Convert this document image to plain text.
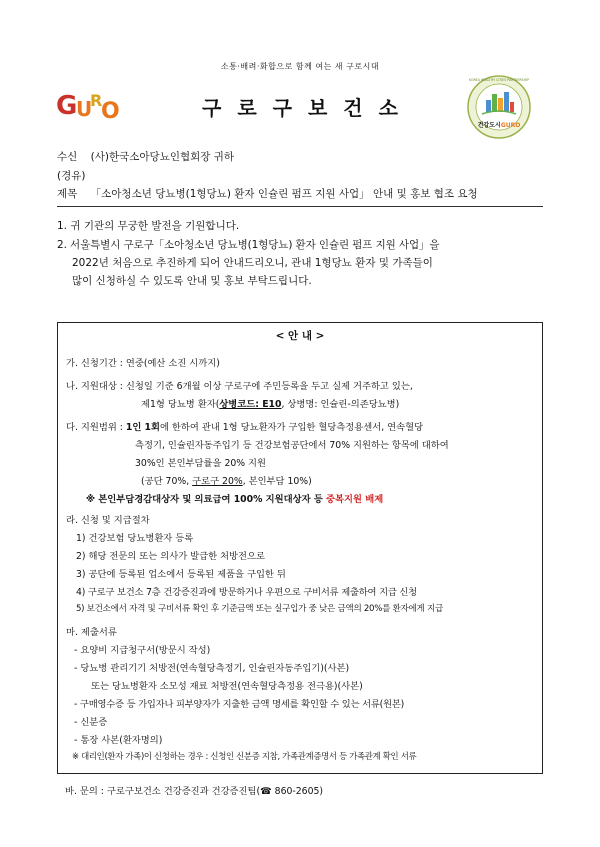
소통·배려·화합으로 함께 여는 새 구로시대
G
U
R
O	구로구보건소
건강도시GURO
KOREA HEALTHY CITIES PARTNERSHIP
수신 (사)한국소아당뇨인협회장 귀하
(경유)
제목 「소아청소년 당뇨병(1형당뇨) 환자 인슐린 펌프 지원 사업」 안내 및 홍보 협조 요청
1. 귀 기관의 무궁한 발전을 기원합니다.
2. 서울특별시 구로구「소아청소년 당뇨병(1형당뇨) 환자 인슐린 펌프 지원 사업」을
2022년 처음으로 추진하게 되어 안내드리오니, 관내 1형당뇨 환자 및 가족들이
많이 신청하실 수 있도록 안내 및 홍보 부탁드립니다.
< 안 내 >
가. 신청기간 : 연중(예산 소진 시까지)
나. 지원대상 : 신청일 기준 6개월 이상 구로구에 주민등록을 두고 실제 거주하고 있는,
제1형 당뇨병 환자(상병코드: E10, 상병명: 인슐린-의존당뇨병)
다. 지원범위 : 1인 1회에 한하여 관내 1형 당뇨환자가 구입한 혈당측정용센서, 연속혈당
측정기, 인슐린자동주입기 등 건강보험공단에서 70% 지원하는 항목에 대하여
30%인 본인부담률을 20% 지원
(공단 70%, 구로구 20%, 본인부담 10%)
※ 본인부담경감대상자 및 의료급여 100% 지원대상자 등 중복지원 배제
라. 신청 및 지급절차
1) 건강보험 당뇨병환자 등록
2) 해당 전문의 또는 의사가 발급한 처방전으로
3) 공단에 등록된 업소에서 등록된 제품을 구입한 뒤
4) 구로구 보건소 7층 건강증진과에 방문하거나 우편으로 구비서류 제출하여 지급 신청
5) 보건소에서 자격 및 구비서류 확인 후 기준금액 또는 실구입가 중 낮은 금액의 20%를 환자에게 지급
마. 제출서류
- 요양비 지급청구서(방문시 작성)
- 당뇨병 관리기기 처방전(연속혈당측정기, 인슐린자동주입기)(사본)
또는 당뇨병환자 소모성 재료 처방전(연속혈당측정용 전극용)(사본)
- 구매영수증 등 가입자나 피부양자가 지출한 금액 명세를 확인할 수 있는 서류(원본)
- 신분증
- 통장 사본(환자명의)
※ 대리인(환자 가족)이 신청하는 경우 : 신청인 신분증 지참, 가족관계증명서 등 가족관계 확인 서류
바. 문의 : 구로구보건소 건강증진과 건강증진팀(☎ 860-2605)
